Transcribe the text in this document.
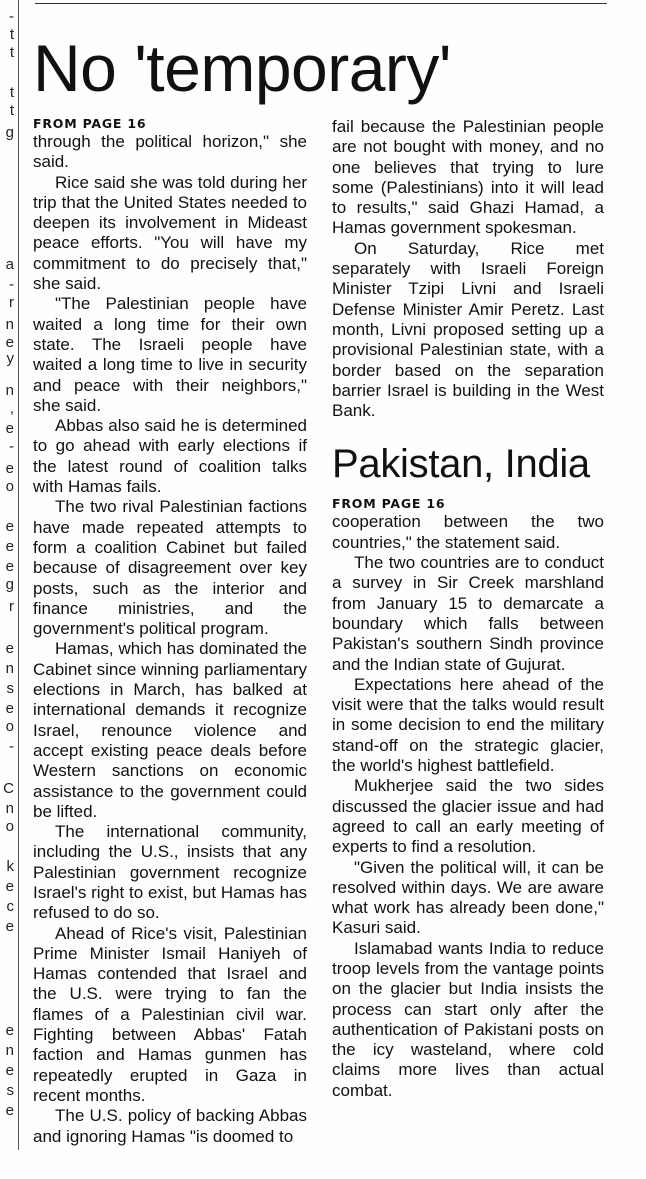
-
t
t
t
t
g
a
-
r
n
e
y
n
,
e
-
e
o
e
e
e
g
r
e
n
s
e
o
-
C
n
o
k
e
c
e
e
n
e
s
e
No 'temporary'

FROM PAGE 16

through the political horizon," she said.

Rice said she was told during her trip that the United States needed to deepen its involvement in Mideast peace efforts. "You will have my commitment to do precisely that," she said.

"The Palestinian people have waited a long time for their own state. The Israeli people have waited a long time to live in security and peace with their neighbors," she said.

Abbas also said he is determined to go ahead with early elections if the latest round of coalition talks with Hamas fails.

The two rival Palestinian factions have made repeated attempts to form a coalition Cabinet but failed because of disagreement over key posts, such as the interior and finance ministries, and the government's political program.

Hamas, which has dominated the Cabinet since winning parliamentary elections in March, has balked at international demands it recognize Israel, renounce violence and accept existing peace deals before Western sanctions on economic assistance to the government could be lifted.

The international community, including the U.S., insists that any Palestinian government recognize Israel's right to exist, but Hamas has refused to do so.

Ahead of Rice's visit, Palestinian Prime Minister Ismail Haniyeh of Hamas contended that Israel and the U.S. were trying to fan the flames of a Palestinian civil war. Fighting between Abbas' Fatah faction and Hamas gunmen has repeatedly erupted in Gaza in recent months.

The U.S. policy of backing Abbas and ignoring Hamas "is doomed to

fail because the Palestinian people are not bought with money, and no one believes that trying to lure some (Palestinians) into it will lead to results," said Ghazi Hamad, a Hamas government spokesman.

On Saturday, Rice met separately with Israeli Foreign Minister Tzipi Livni and Israeli Defense Minister Amir Peretz. Last month, Livni proposed setting up a provisional Palestinian state, with a border based on the separation barrier Israel is building in the West Bank.

Pakistan, India

FROM PAGE 16

cooperation between the two countries," the statement said.

The two countries are to conduct a survey in Sir Creek marshland from January 15 to demarcate a boundary which falls between Pakistan's southern Sindh province and the Indian state of Gujurat.

Expectations here ahead of the visit were that the talks would result in some decision to end the military stand-off on the strategic glacier, the world's highest battlefield.

Mukherjee said the two sides discussed the glacier issue and had agreed to call an early meeting of experts to find a resolution.

"Given the political will, it can be resolved within days. We are aware what work has already been done," Kasuri said.

Islamabad wants India to reduce troop levels from the vantage points on the glacier but India insists the process can start only after the authentication of Pakistani posts on the icy wasteland, where cold claims more lives than actual combat.
